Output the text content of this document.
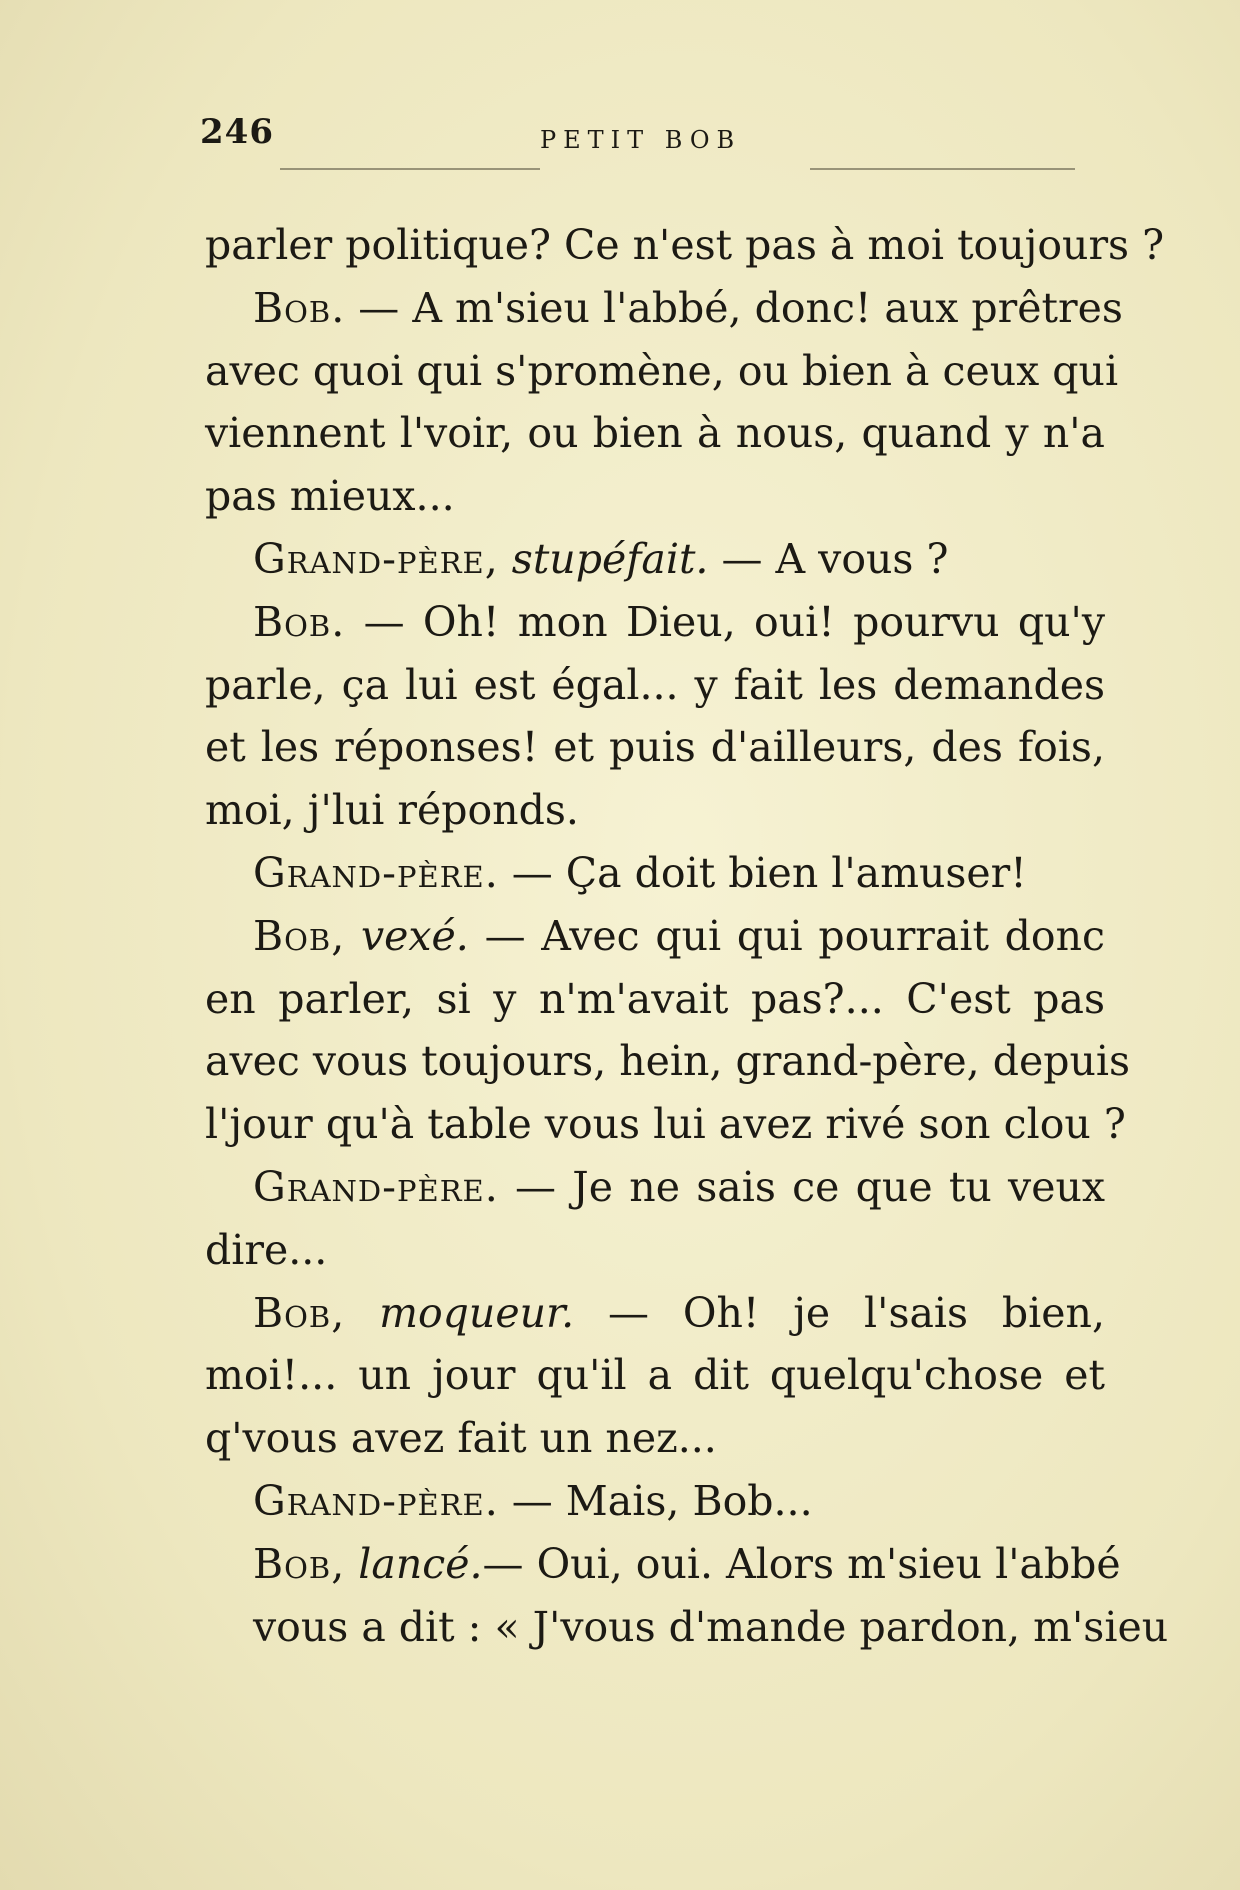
246	PETIT BOB
parler politique? Ce n'est pas à moi toujours ?
Bob. — A m'sieu l'abbé, donc! aux prêtres
avec quoi qui s'promène, ou bien à ceux qui
viennent l'voir, ou bien à nous, quand y n'a
pas mieux...
Grand-père, stupéfait. — A vous ?
Bob. — Oh! mon Dieu, oui! pourvu qu'y
parle, ça lui est égal... y fait les demandes
et les réponses! et puis d'ailleurs, des fois,
moi, j'lui réponds.
Grand-père. — Ça doit bien l'amuser!
Bob, vexé. — Avec qui qui pourrait donc
en parler, si y n'm'avait pas?... C'est pas
avec vous toujours, hein, grand-père, depuis
l'jour qu'à table vous lui avez rivé son clou ?
Grand-père. — Je ne sais ce que tu veux
dire...
Bob, moqueur. — Oh! je l'sais bien,
moi!... un jour qu'il a dit quelqu'chose et
q'vous avez fait un nez...
Grand-père. — Mais, Bob...
Bob, lancé.— Oui, oui. Alors m'sieu l'abbé
vous a dit : « J'vous d'mande pardon, m'sieu
